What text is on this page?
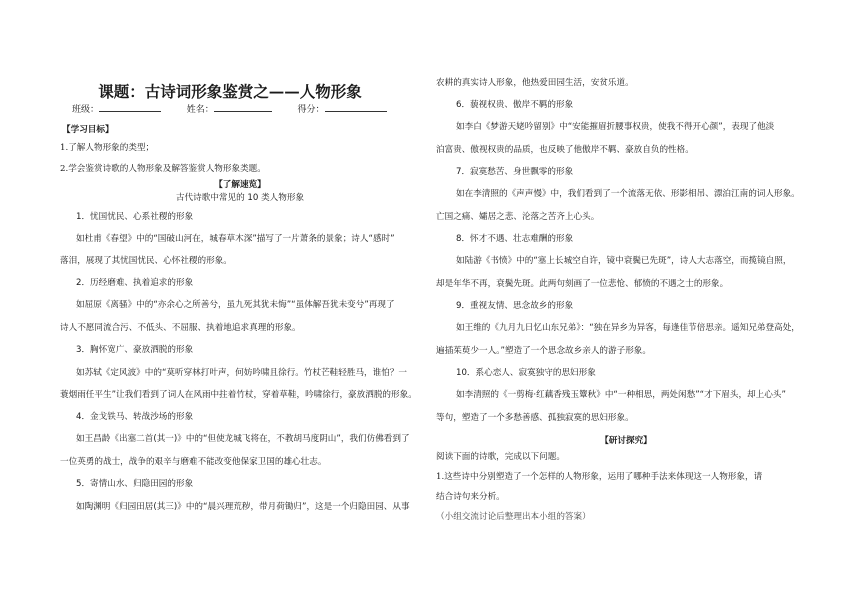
课题：古诗词形象鉴赏之——人物形象
班级：	姓名：	得分：
【学习目标】
1.了解人物形象的类型；
2.学会鉴赏诗歌的人物形象及解答鉴赏人物形象类题。
【了解速览】
古代诗歌中常见的 10 类人物形象
1．忧国忧民、心系社稷的形象
如杜甫《春望》中的“国破山河在，城春草木深”描写了一片萧条的景象；诗人“感时”
落泪，展现了其忧国忧民、心怀社稷的形象。
2．历经磨难、执着追求的形象
如屈原《离骚》中的“亦余心之所善兮，虽九死其犹未悔”“虽体解吾犹未变兮”再现了
诗人不愿同流合污、不低头、不屈服、执着地追求真理的形象。
3．胸怀宽广、豪放洒脱的形象
如苏轼《定风波》中的“莫听穿林打叶声，何妨吟啸且徐行。竹杖芒鞋轻胜马，谁怕？一
蓑烟雨任平生”让我们看到了词人在风雨中拄着竹杖，穿着草鞋，吟啸徐行，豪放洒脱的形象。
4．金戈铁马、转战沙场的形象
如王昌龄《出塞二首(其一)》中的“但使龙城飞将在，不教胡马度阴山”，我们仿佛看到了
一位英勇的战士，战争的艰辛与磨难不能改变他保家卫国的雄心壮志。
5．寄情山水、归隐田园的形象
如陶渊明《归园田居(其三)》中的“晨兴理荒秽，带月荷锄归”，这是一个归隐田园、从事
农耕的真实诗人形象，他热爱田园生活，安贫乐道。
6．藐视权贵、傲岸不羁的形象
如李白《梦游天姥吟留别》中“安能摧眉折腰事权贵，使我不得开心颜”，表现了他淡
泊富贵、傲视权贵的品质，也反映了他傲岸不羁、豪放自负的性格。
7．寂寞愁苦、身世飘零的形象
如在李清照的《声声慢》中，我们看到了一个流落无依、形影相吊、漂泊江南的词人形象。
亡国之痛、孀居之悲、沦落之苦齐上心头。
8．怀才不遇、壮志难酬的形象
如陆游《书愤》中的“塞上长城空自许，镜中衰鬓已先斑”，诗人大志落空，而揽镜自照，
却是年华不再，衰鬓先斑。此两句刻画了一位悲怆、郁愤的不遇之士的形象。
9．重视友情、思念故乡的形象
如王维的《九月九日忆山东兄弟》：“独在异乡为异客，每逢佳节倍思亲。遥知兄弟登高处，
遍插茱萸少一人。”塑造了一个思念故乡亲人的游子形象。
10．系心恋人、寂寞独守的思妇形象
如李清照的《一剪梅·红藕香残玉簟秋》中“一种相思，两处闲愁”“才下眉头，却上心头”
等句，塑造了一个多愁善感、孤独寂寞的思妇形象。
【研讨探究】
阅读下面的诗歌，完成以下问题。
1.这些诗中分别塑造了一个怎样的人物形象，运用了哪种手法来体现这一人物形象，请
结合诗句来分析。
（小组交流讨论后整理出本小组的答案）
